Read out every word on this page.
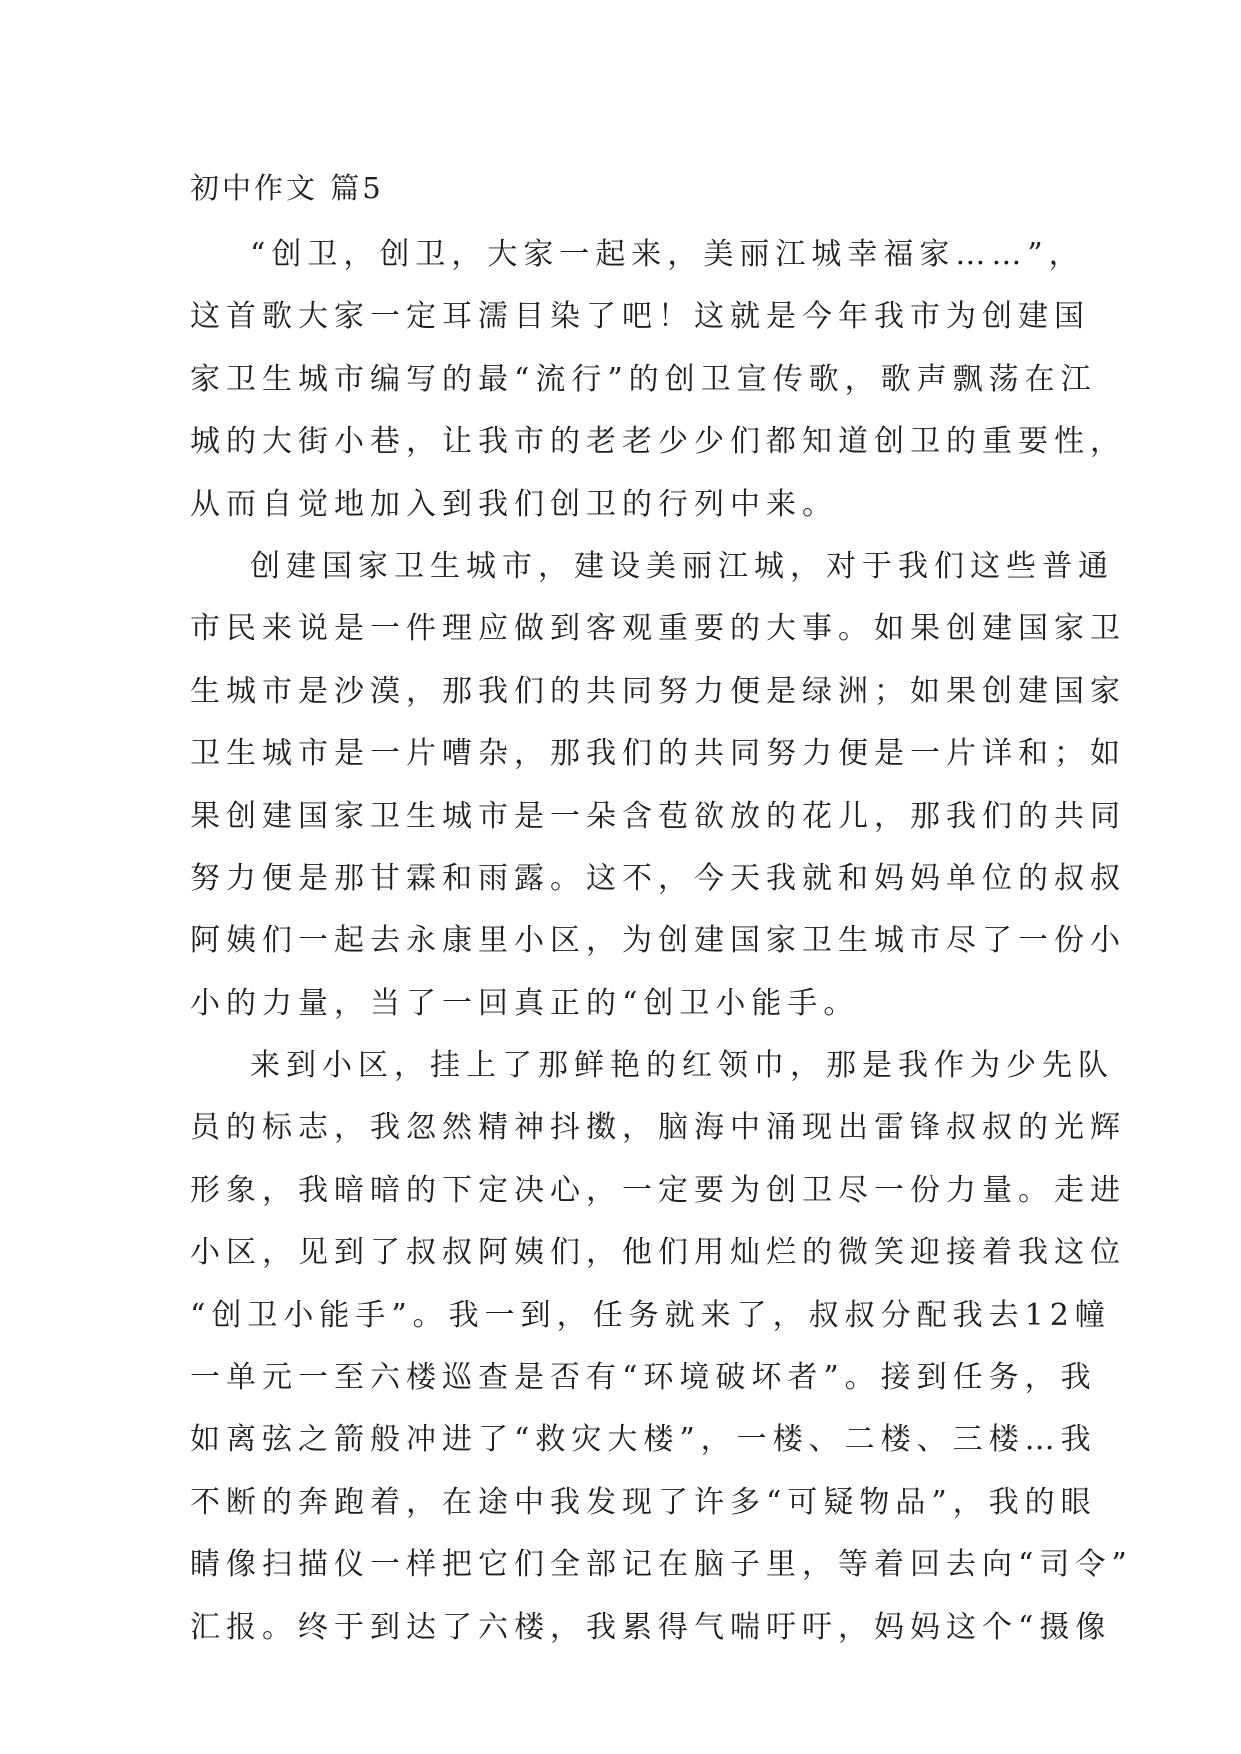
初中作文 篇5
“创卫，创卫，大家一起来，美丽江城幸福家……”，
这首歌大家一定耳濡目染了吧！这就是今年我市为创建国
家卫生城市编写的最“流行”的创卫宣传歌，歌声飘荡在江
城的大街小巷，让我市的老老少少们都知道创卫的重要性，
从而自觉地加入到我们创卫的行列中来。
创建国家卫生城市，建设美丽江城，对于我们这些普通
市民来说是一件理应做到客观重要的大事。如果创建国家卫
生城市是沙漠，那我们的共同努力便是绿洲；如果创建国家
卫生城市是一片嘈杂，那我们的共同努力便是一片详和；如
果创建国家卫生城市是一朵含苞欲放的花儿，那我们的共同
努力便是那甘霖和雨露。这不，今天我就和妈妈单位的叔叔
阿姨们一起去永康里小区，为创建国家卫生城市尽了一份小
小的力量，当了一回真正的“创卫小能手。
来到小区，挂上了那鲜艳的红领巾，那是我作为少先队
员的标志，我忽然精神抖擞，脑海中涌现出雷锋叔叔的光辉
形象，我暗暗的下定决心，一定要为创卫尽一份力量。走进
小区，见到了叔叔阿姨们，他们用灿烂的微笑迎接着我这位
“创卫小能手”。我一到，任务就来了，叔叔分配我去12幢
一单元一至六楼巡查是否有“环境破坏者”。接到任务，我
如离弦之箭般冲进了“救灾大楼”，一楼、二楼、三楼…我
不断的奔跑着，在途中我发现了许多“可疑物品”，我的眼
睛像扫描仪一样把它们全部记在脑子里，等着回去向“司令”
汇报。终于到达了六楼，我累得气喘吁吁，妈妈这个“摄像
